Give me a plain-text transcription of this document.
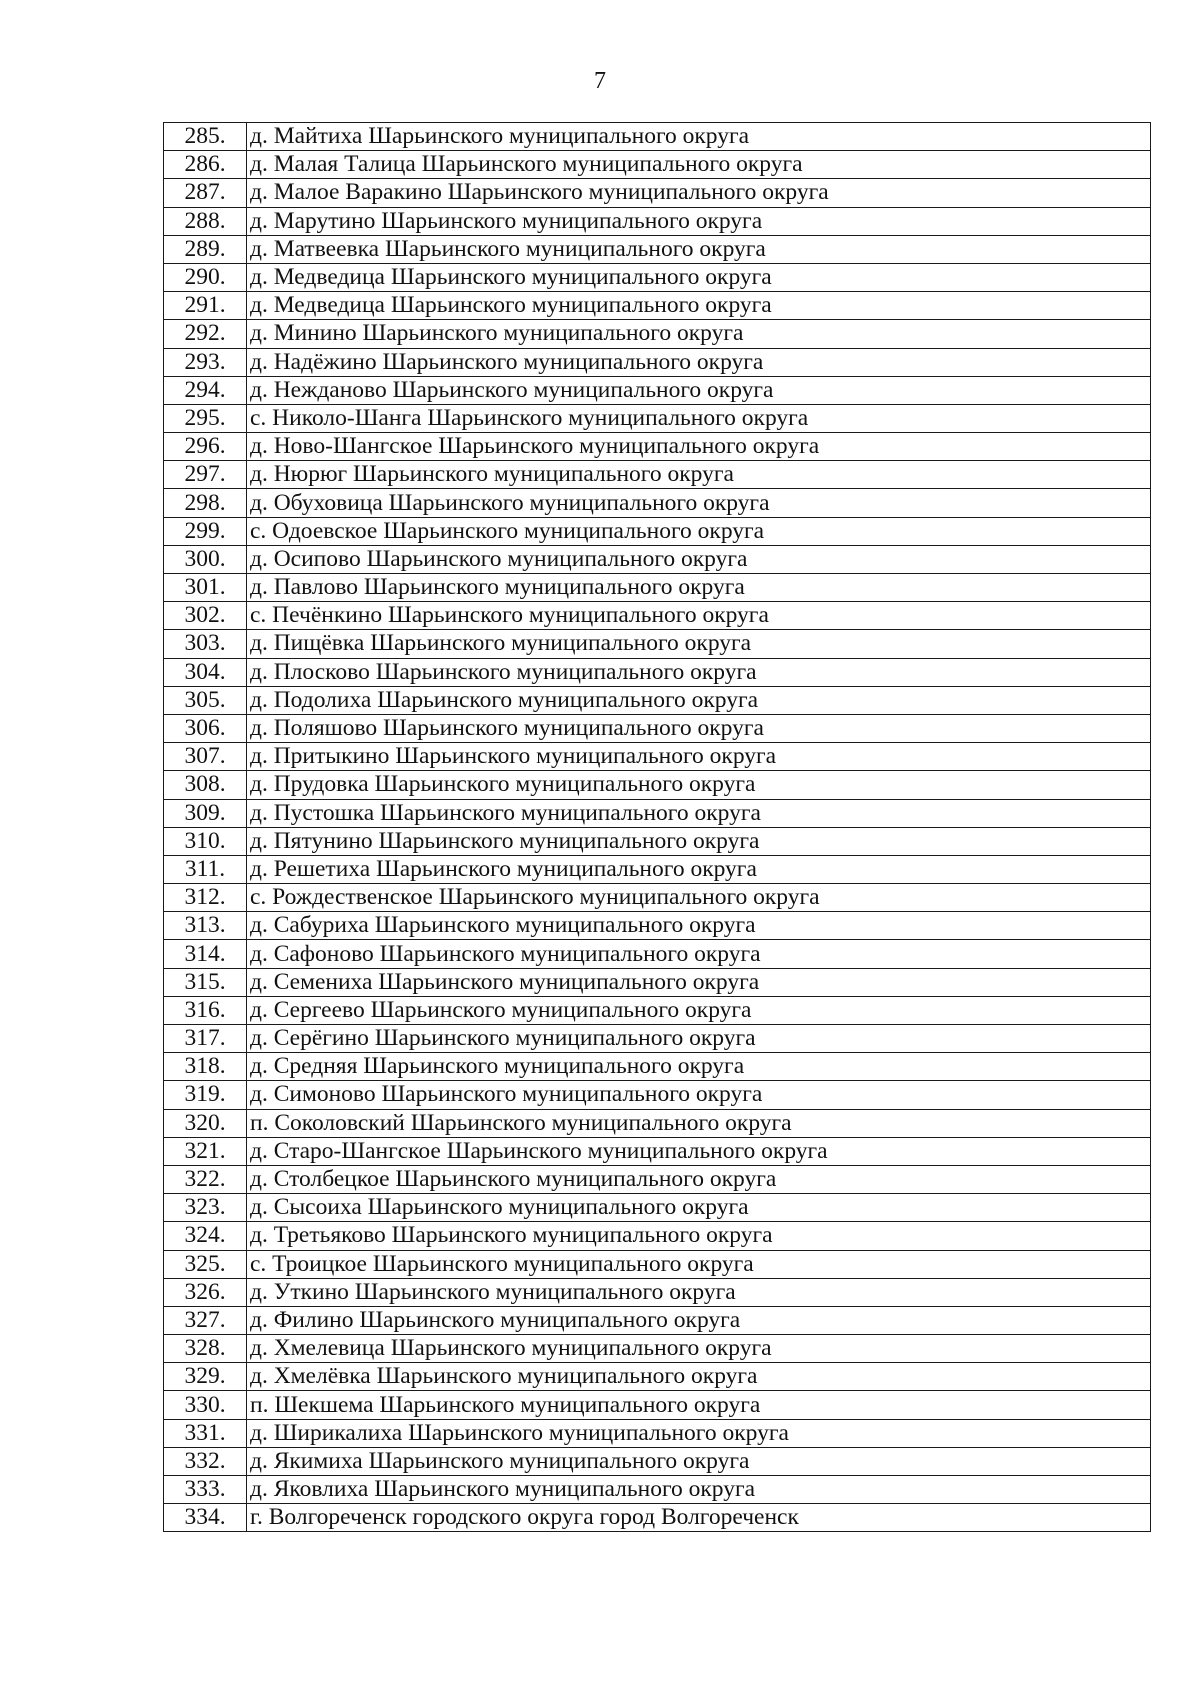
7
285.	д. Майтиха Шарьинского муниципального округа
286.	д. Малая Талица Шарьинского муниципального округа
287.	д. Малое Варакино Шарьинского муниципального округа
288.	д. Марутино Шарьинского муниципального округа
289.	д. Матвеевка Шарьинского муниципального округа
290.	д. Медведица Шарьинского муниципального округа
291.	д. Медведица Шарьинского муниципального округа
292.	д. Минино Шарьинского муниципального округа
293.	д. Надёжино Шарьинского муниципального округа
294.	д. Нежданово Шарьинского муниципального округа
295.	с. Николо-Шанга Шарьинского муниципального округа
296.	д. Ново-Шангское Шарьинского муниципального округа
297.	д. Нюрюг Шарьинского муниципального округа
298.	д. Обуховица Шарьинского муниципального округа
299.	с. Одоевское Шарьинского муниципального округа
300.	д. Осипово Шарьинского муниципального округа
301.	д. Павлово Шарьинского муниципального округа
302.	с. Печёнкино Шарьинского муниципального округа
303.	д. Пищёвка Шарьинского муниципального округа
304.	д. Плосково Шарьинского муниципального округа
305.	д. Подолиха Шарьинского муниципального округа
306.	д. Поляшово Шарьинского муниципального округа
307.	д. Притыкино Шарьинского муниципального округа
308.	д. Прудовка Шарьинского муниципального округа
309.	д. Пустошка Шарьинского муниципального округа
310.	д. Пятунино Шарьинского муниципального округа
311.	д. Решетиха Шарьинского муниципального округа
312.	с. Рождественское Шарьинского муниципального округа
313.	д. Сабуриха Шарьинского муниципального округа
314.	д. Сафоново Шарьинского муниципального округа
315.	д. Семениха Шарьинского муниципального округа
316.	д. Сергеево Шарьинского муниципального округа
317.	д. Серёгино Шарьинского муниципального округа
318.	д. Средняя Шарьинского муниципального округа
319.	д. Симоново Шарьинского муниципального округа
320.	п. Соколовский Шарьинского муниципального округа
321.	д. Старо-Шангское Шарьинского муниципального округа
322.	д. Столбецкое Шарьинского муниципального округа
323.	д. Сысоиха Шарьинского муниципального округа
324.	д. Третьяково Шарьинского муниципального округа
325.	с. Троицкое Шарьинского муниципального округа
326.	д. Уткино Шарьинского муниципального округа
327.	д. Филино Шарьинского муниципального округа
328.	д. Хмелевица Шарьинского муниципального округа
329.	д. Хмелёвка Шарьинского муниципального округа
330.	п. Шекшема Шарьинского муниципального округа
331.	д. Ширикалиха Шарьинского муниципального округа
332.	д. Якимиха Шарьинского муниципального округа
333.	д. Яковлиха Шарьинского муниципального округа
334.	г. Волгореченск городского округа город Волгореченск
